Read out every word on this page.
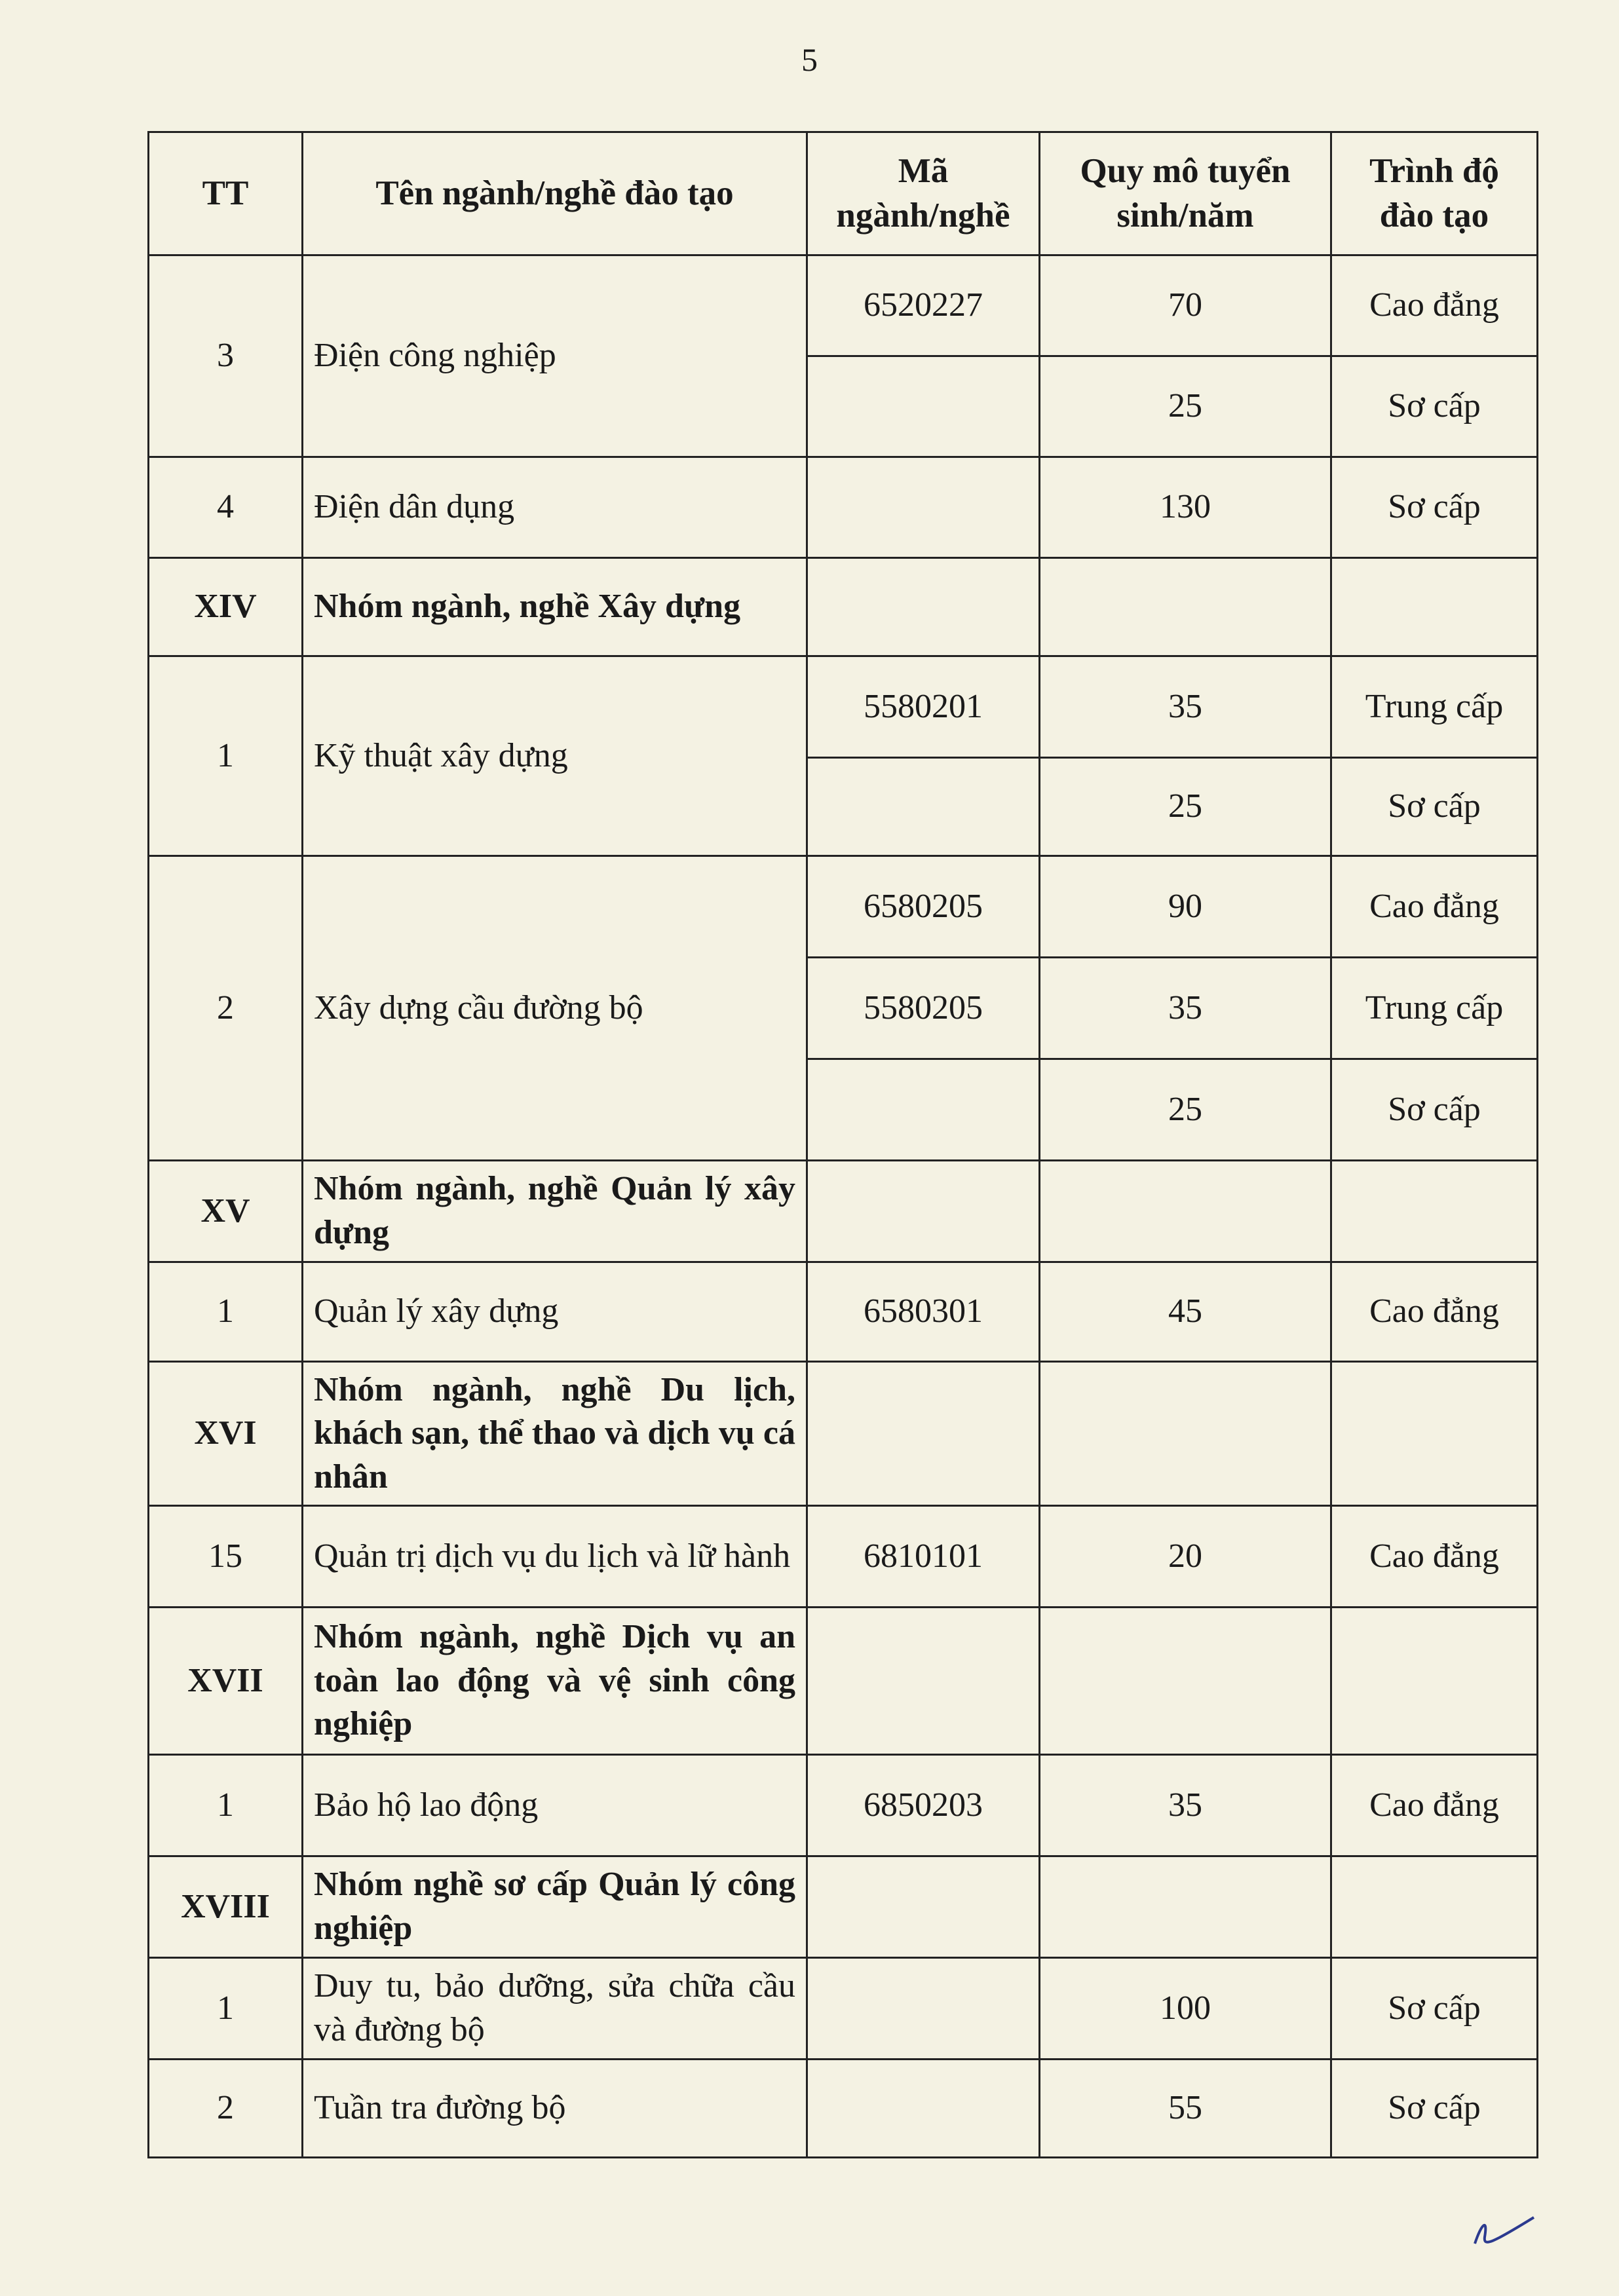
5
TT	Tên ngành/nghề đào tạo	Mã ngành/nghề	Quy mô tuyển sinh/năm	Trình độ đào tạo
3	Điện công nghiệp	6520227	70	Cao đẳng
			25	Sơ cấp
4	Điện dân dụng		130	Sơ cấp
XIV	Nhóm ngành, nghề Xây dựng			
1	Kỹ thuật xây dựng	5580201	35	Trung cấp
			25	Sơ cấp
2	Xây dựng cầu đường bộ	6580205	90	Cao đẳng
		5580205	35	Trung cấp
			25	Sơ cấp
XV	Nhóm ngành, nghề Quản lý xây dựng			
1	Quản lý xây dựng	6580301	45	Cao đẳng
XVI	Nhóm ngành, nghề Du lịch, khách sạn, thể thao và dịch vụ cá nhân			
15	Quản trị dịch vụ du lịch và lữ hành	6810101	20	Cao đẳng
XVII	Nhóm ngành, nghề Dịch vụ an toàn lao động và vệ sinh công nghiệp			
1	Bảo hộ lao động	6850203	35	Cao đẳng
XVIII	Nhóm nghề sơ cấp Quản lý công nghiệp			
1	Duy tu, bảo dưỡng, sửa chữa cầu và đường bộ		100	Sơ cấp
2	Tuần tra đường bộ		55	Sơ cấp
